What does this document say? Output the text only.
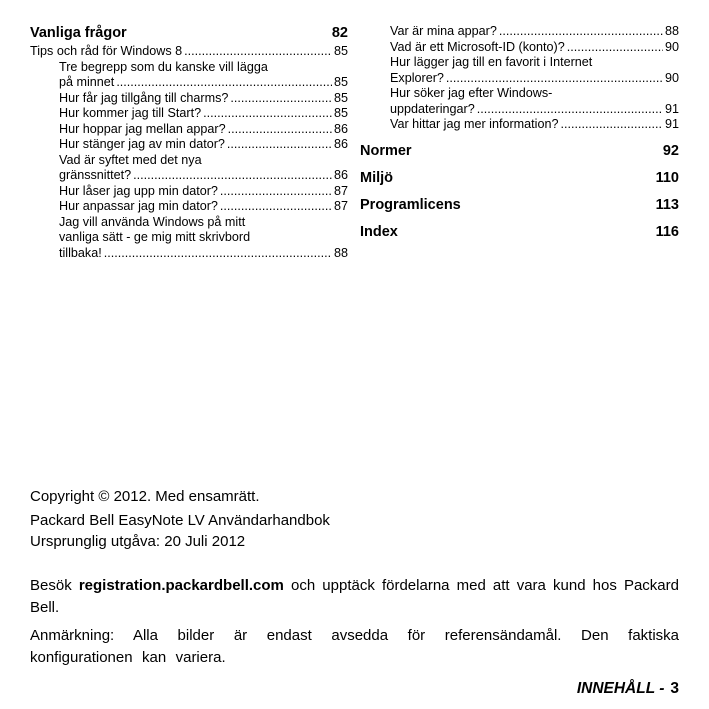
Vanliga frågor	82
Tips och råd för Windows 8 .....	85
Tre begrepp som du kanske vill lägga
på minnet .....	85
Hur får jag tillgång till charms? .....	85
Hur kommer jag till Start? .....	85
Hur hoppar jag mellan appar? .....	86
Hur stänger jag av min dator? .....	86
Vad är syftet med det nya
gränssnittet? .....	86
Hur låser jag upp min dator? .....	87
Hur anpassar jag min dator? .....	87
Jag vill använda Windows på mitt
vanliga sätt - ge mig mitt skrivbord
tillbaka! .....	88
Var är mina appar? .....	88
Vad är ett Microsoft-ID (konto)? .....	90
Hur lägger jag till en favorit i Internet
Explorer? .....	90
Hur söker jag efter Windows-
uppdateringar? .....	91
Var hittar jag mer information? .....	91
Normer	92
Miljö	110
Programlicens	113
Index	116
Copyright © 2012. Med ensamrätt.
Packard Bell EasyNote LV Användarhandbok
Ursprunglig utgåva: 20 Juli 2012

Besök registration.packardbell.com och upptäck fördelarna med att vara kund hos Packard Bell.

Anmärkning: Alla bilder är endast avsedda för referensändamål. Den faktiska konfigurationen kan variera.

INNEHÅLL - 3
